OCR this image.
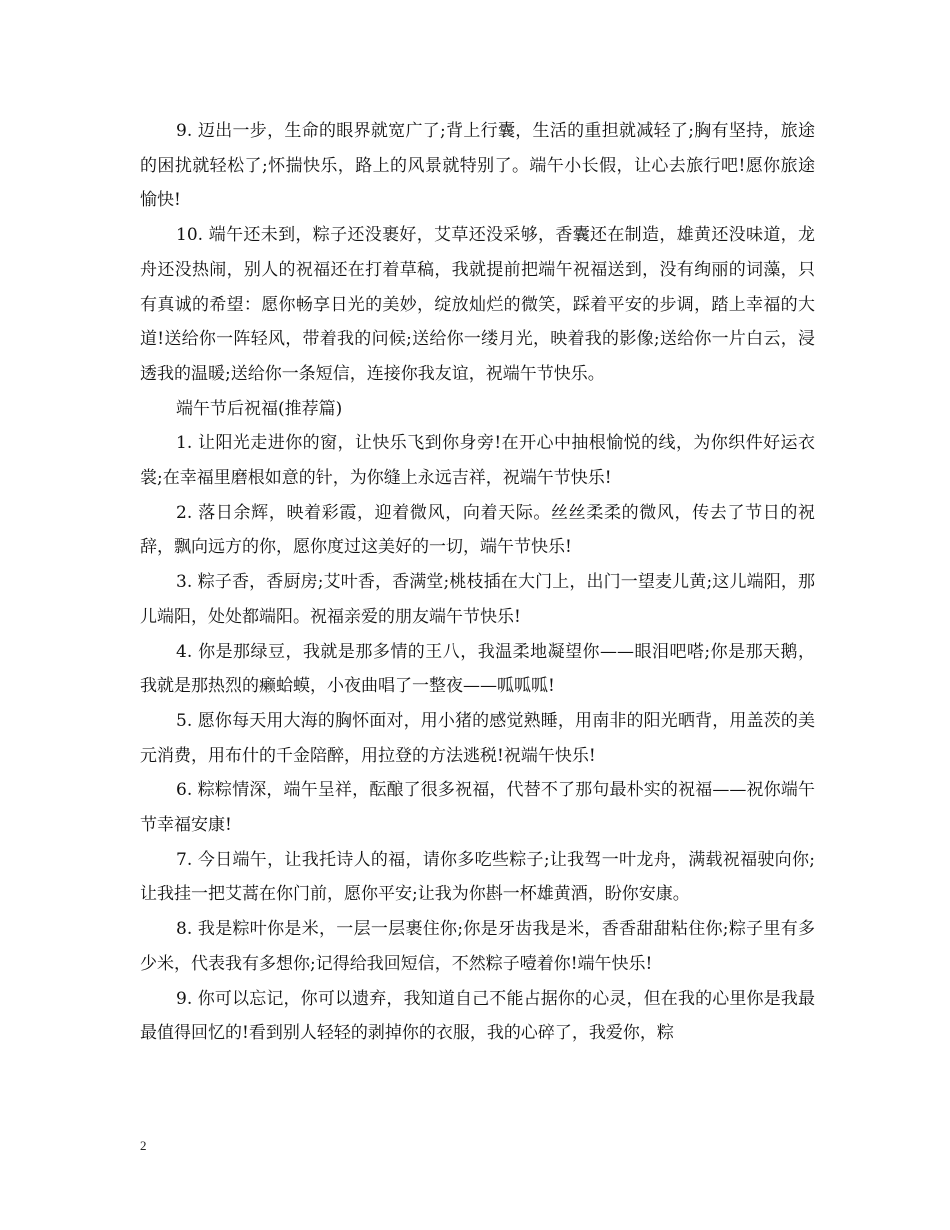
9. 迈出一步，生命的眼界就宽广了;背上行囊，生活的重担就减轻了;胸有坚持，旅途的困扰就轻松了;怀揣快乐，路上的风景就特别了。端午小长假，让心去旅行吧!愿你旅途愉快!

10. 端午还未到，粽子还没裹好，艾草还没采够，香囊还在制造，雄黄还没味道，龙舟还没热闹，别人的祝福还在打着草稿，我就提前把端午祝福送到，没有绚丽的词藻，只有真诚的希望：愿你畅享日光的美妙，绽放灿烂的微笑，踩着平安的步调，踏上幸福的大道!送给你一阵轻风，带着我的问候;送给你一缕月光，映着我的影像;送给你一片白云，浸透我的温暖;送给你一条短信，连接你我友谊，祝端午节快乐。

端午节后祝福(推荐篇)

1. 让阳光走进你的窗，让快乐飞到你身旁!在开心中抽根愉悦的线，为你织件好运衣裳;在幸福里磨根如意的针，为你缝上永远吉祥，祝端午节快乐!

2. 落日余辉，映着彩霞，迎着微风，向着天际。丝丝柔柔的微风，传去了节日的祝辞，飘向远方的你，愿你度过这美好的一切，端午节快乐!

3. 粽子香，香厨房;艾叶香，香满堂;桃枝插在大门上，出门一望麦儿黄;这儿端阳，那儿端阳，处处都端阳。祝福亲爱的朋友端午节快乐!

4. 你是那绿豆，我就是那多情的王八，我温柔地凝望你——眼泪吧嗒;你是那天鹅，我就是那热烈的癞蛤蟆，小夜曲唱了一整夜——呱呱呱!

5. 愿你每天用大海的胸怀面对，用小猪的感觉熟睡，用南非的阳光晒背，用盖茨的美元消费，用布什的千金陪醉，用拉登的方法逃税!祝端午快乐!

6. 粽粽情深，端午呈祥，酝酿了很多祝福，代替不了那句最朴实的祝福——祝你端午节幸福安康!

7. 今日端午，让我托诗人的福，请你多吃些粽子;让我驾一叶龙舟，满载祝福驶向你;让我挂一把艾蒿在你门前，愿你平安;让我为你斟一杯雄黄酒，盼你安康。

8. 我是粽叶你是米，一层一层裹住你;你是牙齿我是米，香香甜甜粘住你;粽子里有多少米，代表我有多想你;记得给我回短信，不然粽子噎着你!端午快乐!

9. 你可以忘记，你可以遗弃，我知道自己不能占据你的心灵，但在我的心里你是我最最值得回忆的!看到别人轻轻的剥掉你的衣服，我的心碎了，我爱你，粽

2
